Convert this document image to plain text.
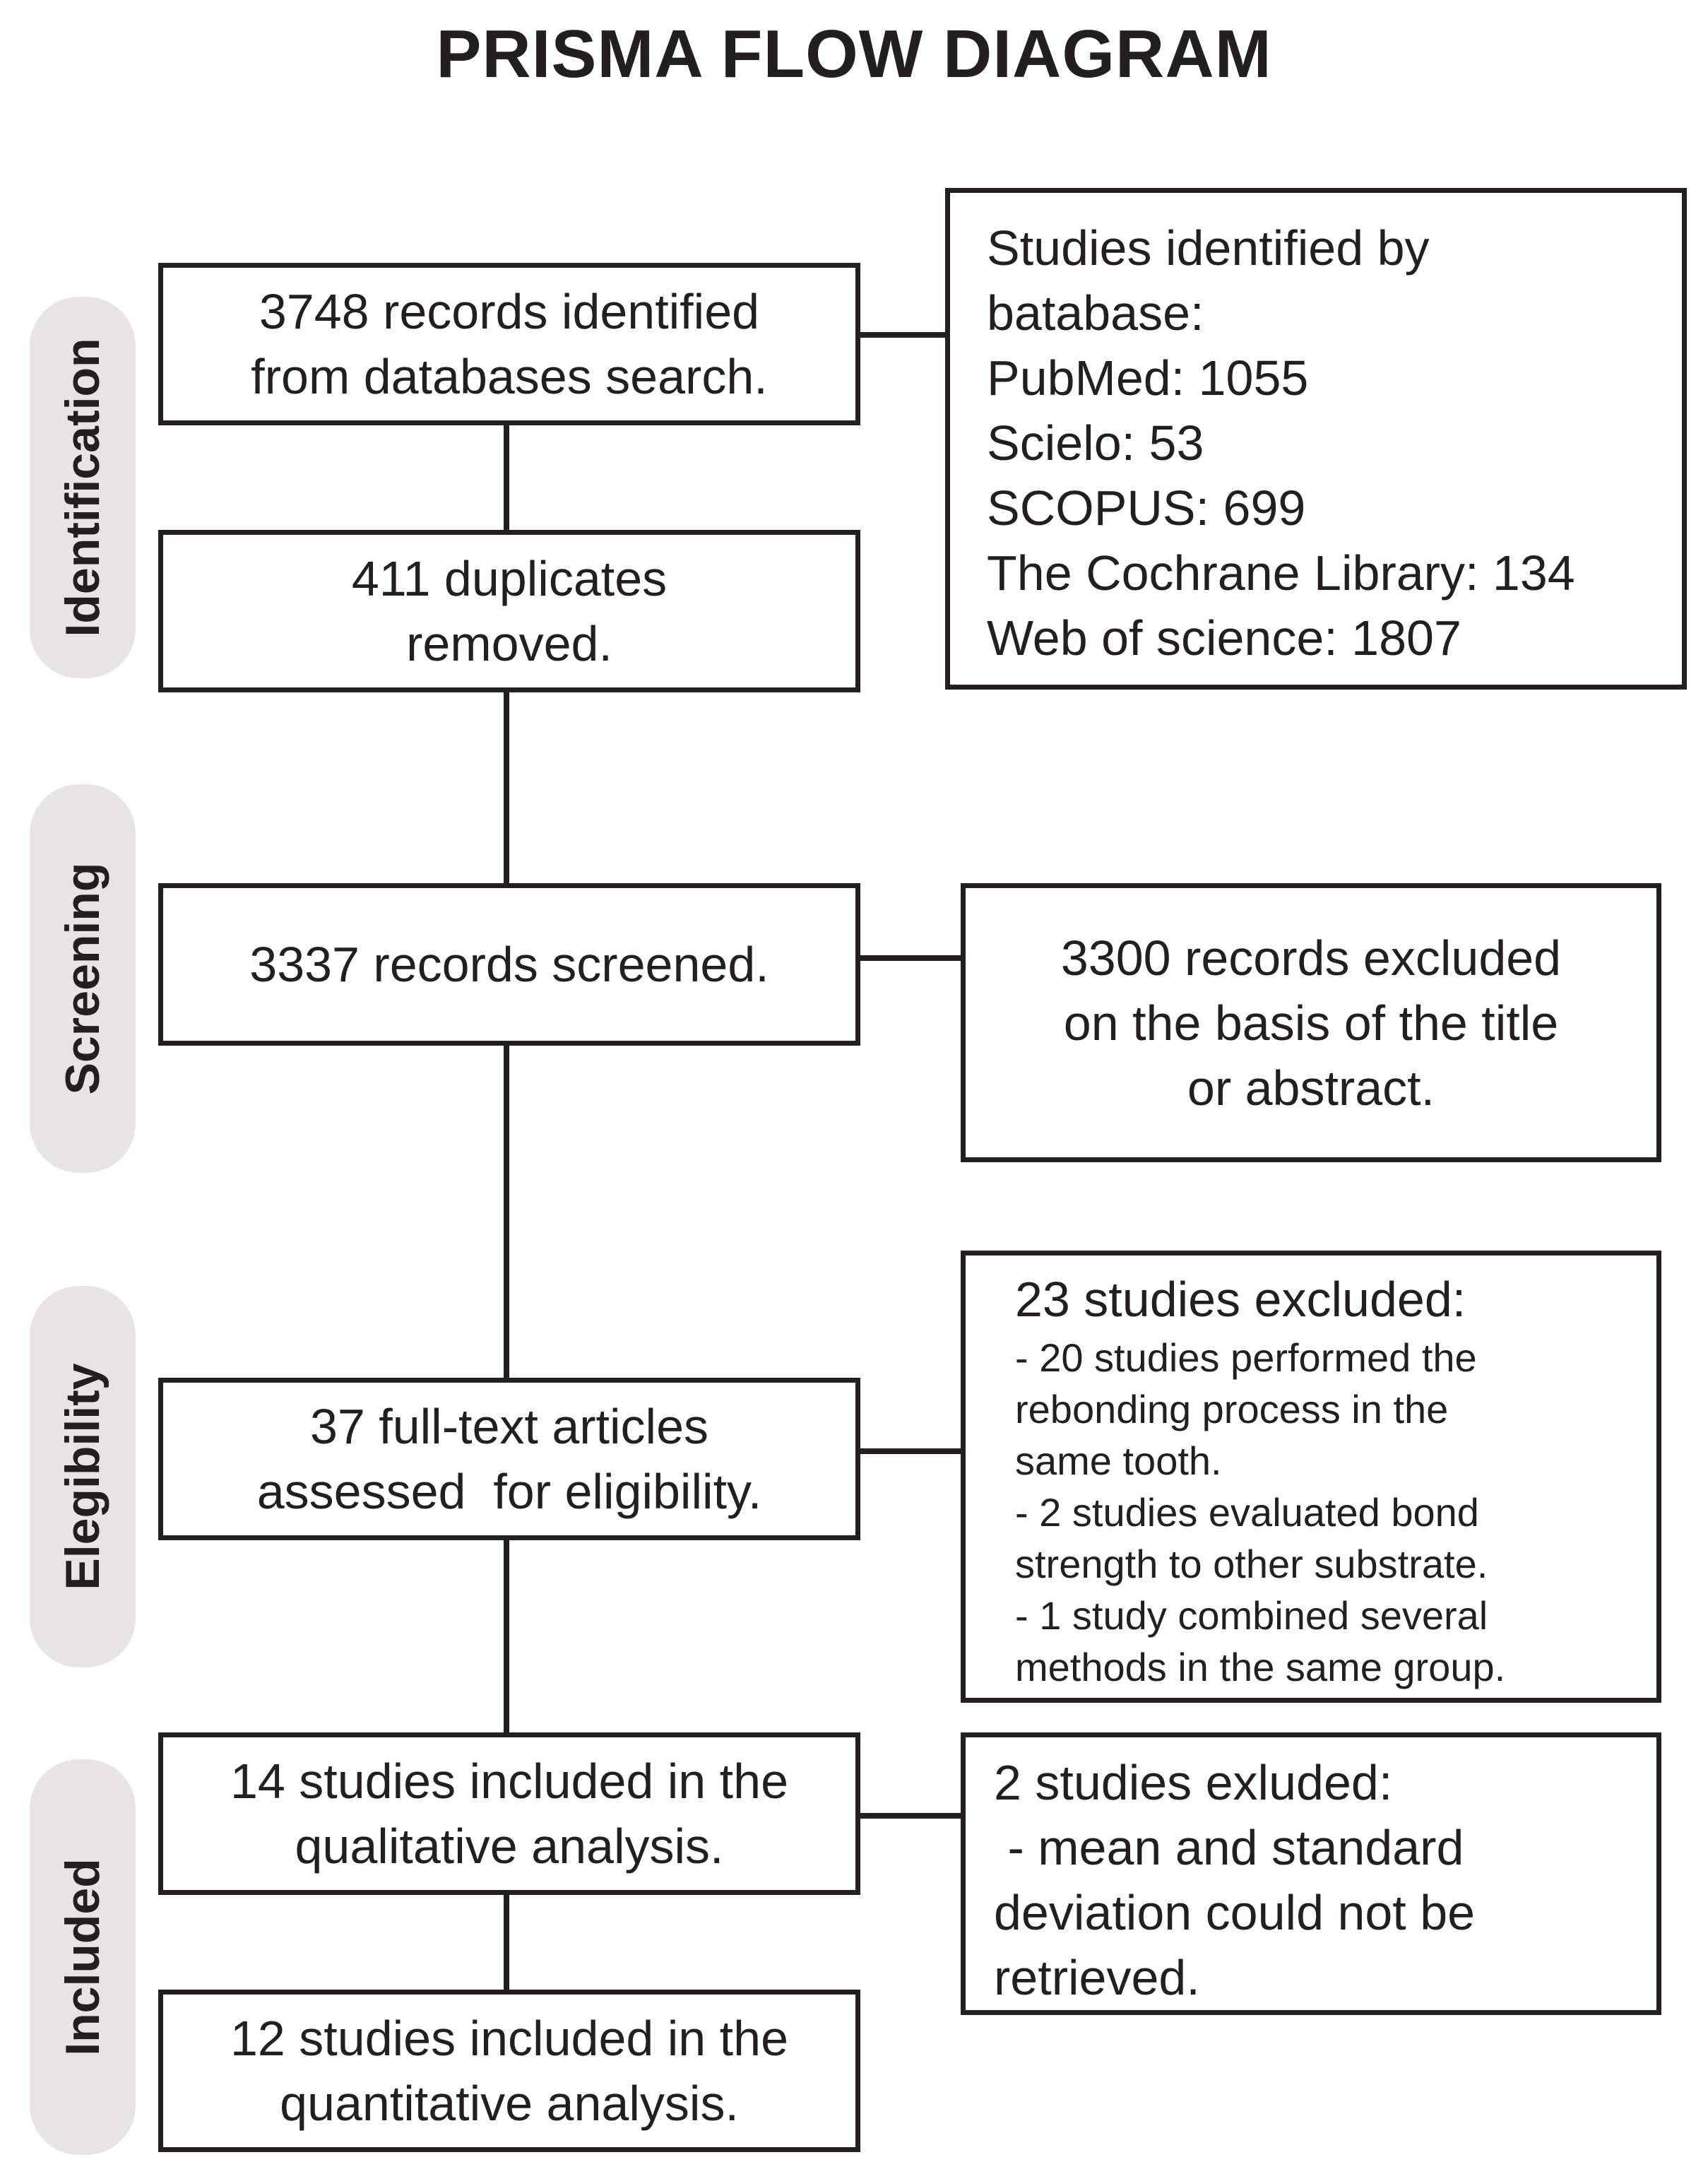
PRISMA FLOW DIAGRAM
Identification
Screening
Elegibility
Included
3748 records identified
from databases search.
411 duplicates
removed.
3337 records screened.
37 full-text articles
assessed  for eligibility.
14 studies included in the
qualitative analysis.
12 studies included in the
quantitative analysis.
Studies identified by
batabase:
PubMed: 1055
Scielo: 53
SCOPUS: 699
The Cochrane Library: 134
Web of science: 1807
3300 records excluded
on the basis of the title
or abstract.
23 studies excluded:
- 20 studies performed the
rebonding process in the
same tooth.
- 2 studies evaluated bond
strength to other substrate.
- 1 study combined several
methods in the same group.
2 studies exluded:
- mean and standard
deviation could not be
retrieved.
